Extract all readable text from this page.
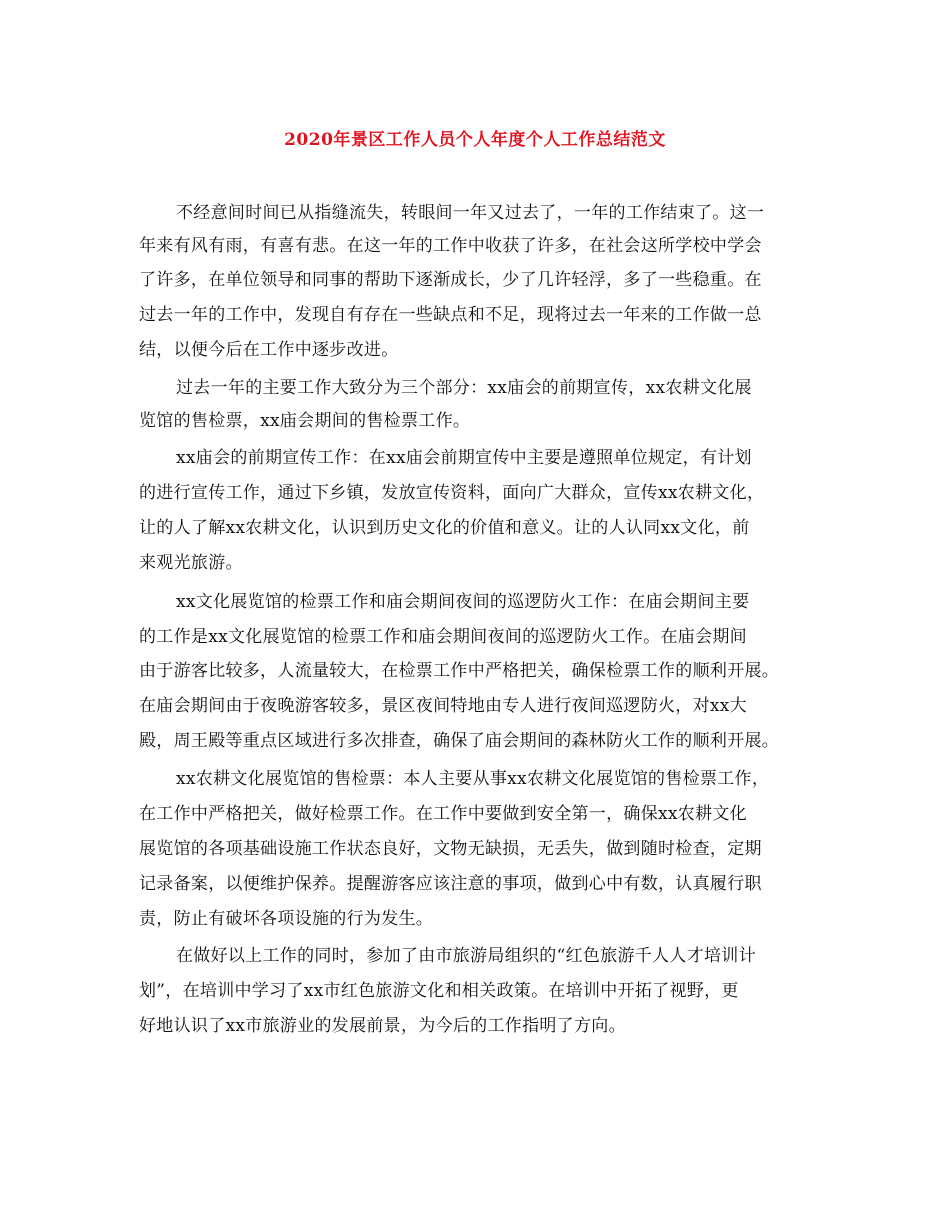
2020年景区工作人员个人年度个人工作总结范文
不经意间时间已从指缝流失，转眼间一年又过去了，一年的工作结束了。这一
年来有风有雨，有喜有悲。在这一年的工作中收获了许多，在社会这所学校中学会
了许多，在单位领导和同事的帮助下逐渐成长，少了几许轻浮，多了一些稳重。在
过去一年的工作中，发现自有存在一些缺点和不足，现将过去一年来的工作做一总
结，以便今后在工作中逐步改进。
过去一年的主要工作大致分为三个部分：xx庙会的前期宣传，xx农耕文化展
览馆的售检票，xx庙会期间的售检票工作。
xx庙会的前期宣传工作：在xx庙会前期宣传中主要是遵照单位规定，有计划
的进行宣传工作，通过下乡镇，发放宣传资料，面向广大群众，宣传xx农耕文化，
让的人了解xx农耕文化，认识到历史文化的价值和意义。让的人认同xx文化，前
来观光旅游。
xx文化展览馆的检票工作和庙会期间夜间的巡逻防火工作：在庙会期间主要
的工作是xx文化展览馆的检票工作和庙会期间夜间的巡逻防火工作。在庙会期间
由于游客比较多，人流量较大，在检票工作中严格把关，确保检票工作的顺利开展。
在庙会期间由于夜晚游客较多，景区夜间特地由专人进行夜间巡逻防火，对xx大
殿，周王殿等重点区域进行多次排查，确保了庙会期间的森林防火工作的顺利开展。
xx农耕文化展览馆的售检票：本人主要从事xx农耕文化展览馆的售检票工作，
在工作中严格把关，做好检票工作。在工作中要做到安全第一，确保xx农耕文化
展览馆的各项基础设施工作状态良好，文物无缺损，无丢失，做到随时检查，定期
记录备案，以便维护保养。提醒游客应该注意的事项，做到心中有数，认真履行职
责，防止有破坏各项设施的行为发生。
在做好以上工作的同时，参加了由市旅游局组织的“红色旅游千人人才培训计
划”，在培训中学习了xx市红色旅游文化和相关政策。在培训中开拓了视野，更
好地认识了xx市旅游业的发展前景，为今后的工作指明了方向。
